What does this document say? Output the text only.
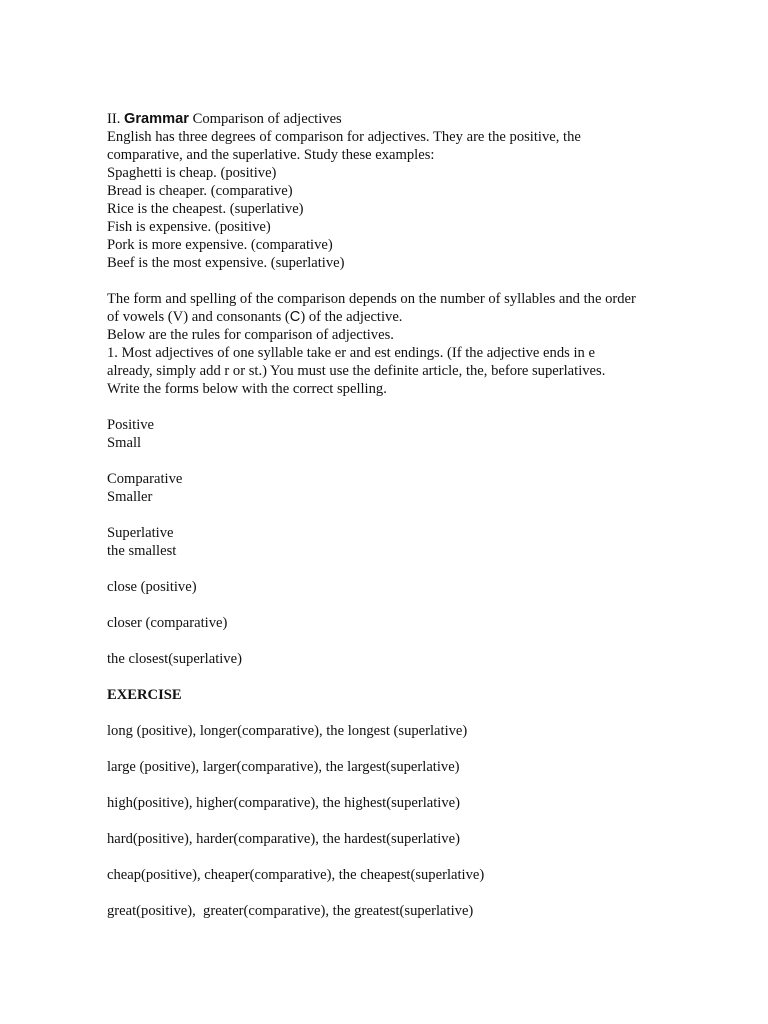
II. Grammar Comparison of adjectives
English has three degrees of comparison for adjectives. They are the positive, the
comparative, and the superlative. Study these examples:
Spaghetti is cheap. (positive)
Bread is cheaper. (comparative)
Rice is the cheapest. (superlative)
Fish is expensive. (positive)
Pork is more expensive. (comparative)
Beef is the most expensive. (superlative)
The form and spelling of the comparison depends on the number of syllables and the order
of vowels (V) and consonants (C) of the adjective.
Below are the rules for comparison of adjectives.
1. Most adjectives of one syllable take er and est endings. (If the adjective ends in e
already, simply add r or st.) You must use the definite article, the, before superlatives.
Write the forms below with the correct spelling.
Positive
Small
Comparative
Smaller
Superlative
the smallest
close (positive)
closer (comparative)
the closest(superlative)
EXERCISE
long (positive), longer(comparative), the longest (superlative)
large (positive), larger(comparative), the largest(superlative)
high(positive), higher(comparative), the highest(superlative)
hard(positive), harder(comparative), the hardest(superlative)
cheap(positive), cheaper(comparative), the cheapest(superlative)
great(positive),  greater(comparative), the greatest(superlative)
